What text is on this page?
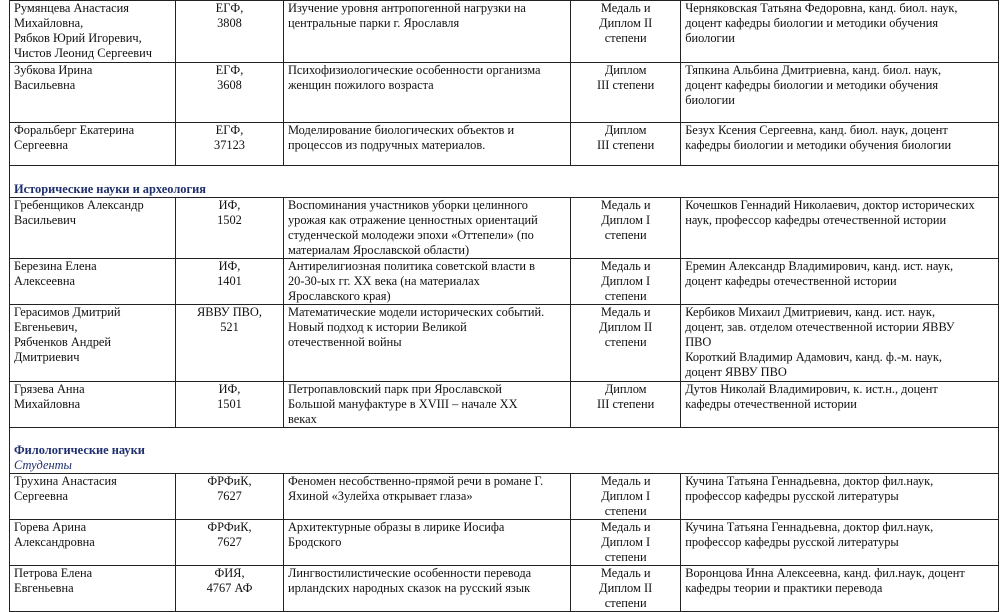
Румянцева Анастасия
Михайловна,
Рябков Юрий Игоревич,
Чистов Леонид Сергеевич	ЕГФ,
3808	Изучение уровня антропогенной нагрузки на
центральные парки г. Ярославля	Медаль и
Диплом II
степени	Черняковская Татьяна Федоровна, канд. биол. наук,
доцент кафедры биологии и методики обучения
биологии

Зубкова Ирина
Васильевна	ЕГФ,
3608	Психофизиологические особенности организма
женщин пожилого возраста	Диплом
III степени	Тяпкина Альбина Дмитриевна, канд. биол. наук,
доцент кафедры биологии и методики обучения
биологии

Форальберг Екатерина
Сергеевна	ЕГФ,
37123	Моделирование биологических объектов и
процессов из подручных материалов.	Диплом
III степени	Безух Ксения Сергеевна, канд. биол. наук, доцент
кафедры биологии и методики обучения биологии

Исторические науки и археология				

Гребенщиков Александр
Васильевич	ИФ,
1502	Воспоминания участников уборки целинного
урожая как отражение ценностных ориентаций
студенческой молодежи эпохи «Оттепели» (по
материалам Ярославской области)	Медаль и
Диплом I
степени	Кочешков Геннадий Николаевич, доктор исторических
наук, профессор кафедры отечественной истории

Березина Елена
Алексеевна	ИФ,
1401	Антирелигиозная политика советской власти в
20-30-ых гг. XX века (на материалах
Ярославского края)	Медаль и
Диплом I
степени	Еремин Александр Владимирович, канд. ист. наук,
доцент кафедры отечественной истории

Герасимов Дмитрий
Евгеньевич,
Рябченков Андрей
Дмитриевич	ЯВВУ ПВО,
521	Математические модели исторических событий.
Новый подход к истории Великой
отечественной войны	Медаль и
Диплом II
степени	Кербиков Михаил Дмитриевич, канд. ист. наук,
доцент, зав. отделом отечественной истории ЯВВУ
ПВО
Короткий Владимир Адамович, канд. ф.-м. наук,
доцент ЯВВУ ПВО

Грязева Анна
Михайловна	ИФ,
1501	Петропавловский парк при Ярославской
Большой мануфактуре в XVIII – начале XX
веках	Диплом
III степени	Дутов Николай Владимирович, к. ист.н., доцент
кафедры отечественной истории

Филологические науки
Студенты				

Трухина Анастасия
Сергеевна	ФРФиК,
7627	Феномен несобственно-прямой речи в романе Г.
Яхиной «Зулейха открывает глаза»	Медаль и
Диплом I
степени	Кучина Татьяна Геннадьевна, доктор фил.наук,
профессор кафедры русской литературы

Горева Арина
Александровна	ФРФиК,
7627	Архитектурные образы в лирике Иосифа
Бродского	Медаль и
Диплом I
степени	Кучина Татьяна Геннадьевна, доктор фил.наук,
профессор кафедры русской литературы

Петрова Елена
Евгеньевна	ФИЯ,
4767 АФ	Лингвостилистические особенности перевода
ирландских народных сказок на русский язык	Медаль и
Диплом II
степени	Воронцова Инна Алексеевна, канд. фил.наук, доцент
кафедры теории и практики перевода
